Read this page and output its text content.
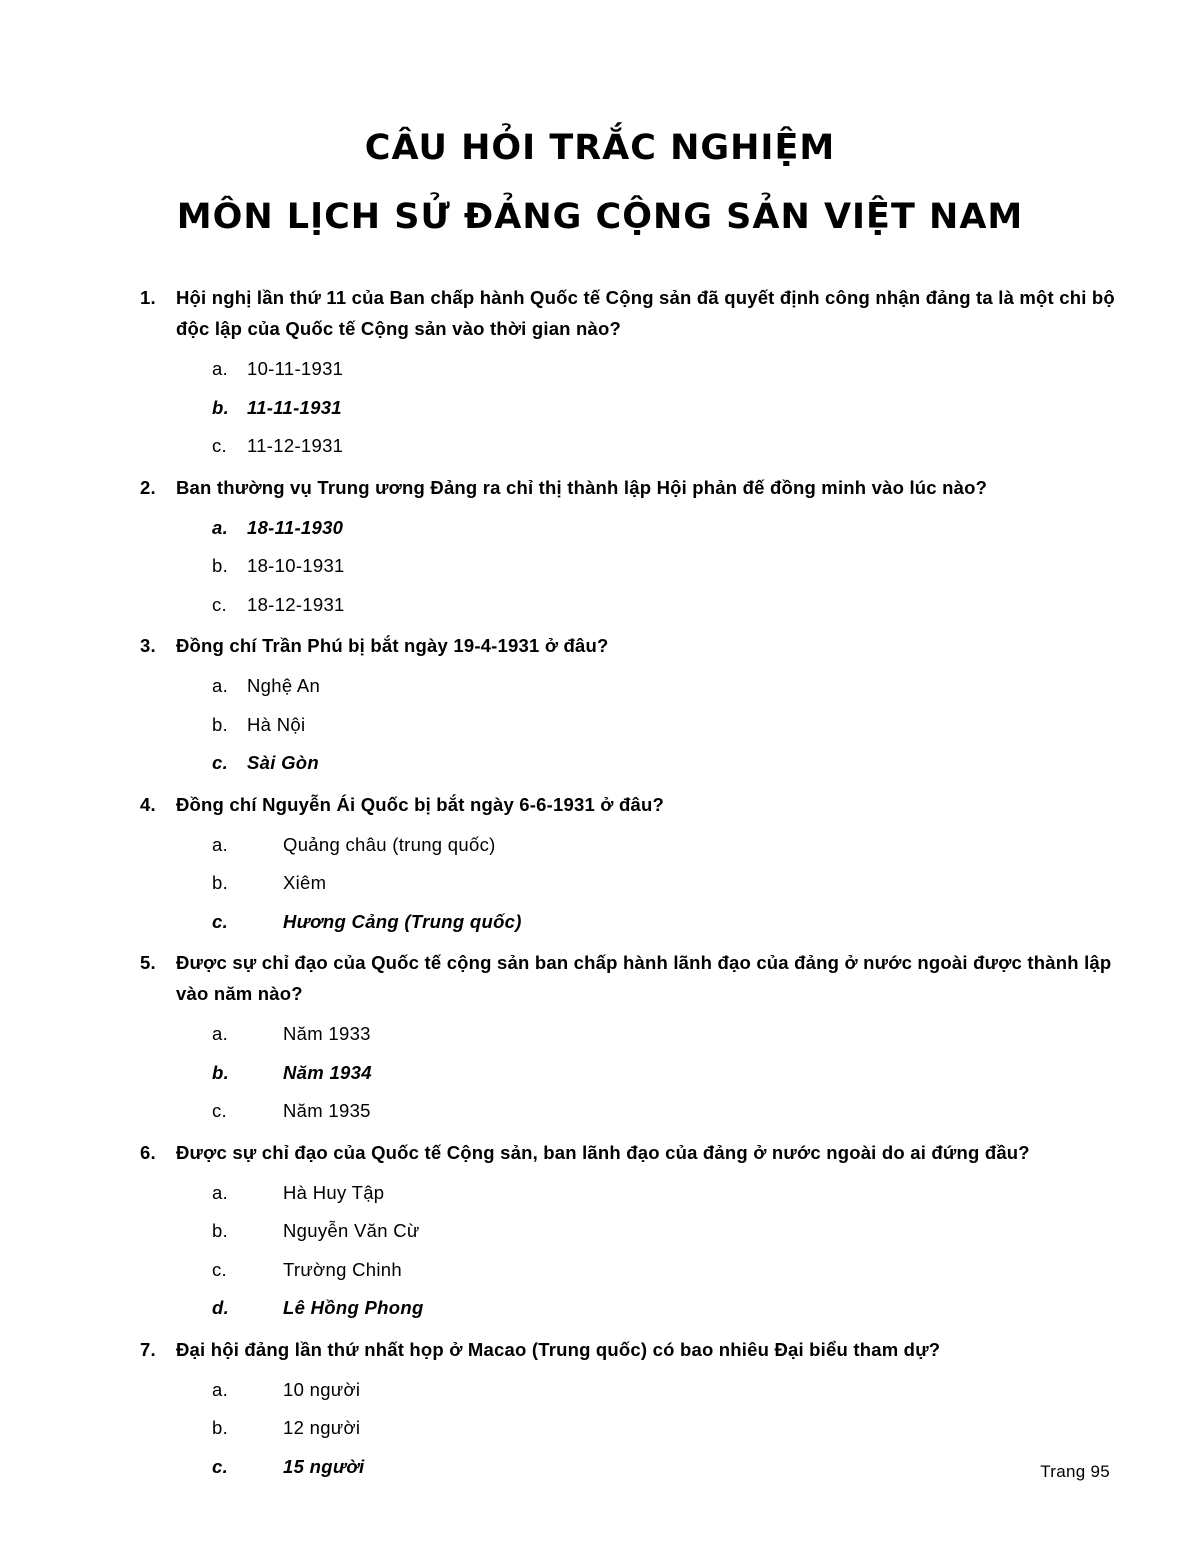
CÂU HỎI TRẮC NGHIỆM
MÔN LỊCH SỬ ĐẢNG CỘNG SẢN VIỆT NAM
1.	Hội nghị lần thứ 11 của Ban chấp hành Quốc tế Cộng sản đã quyết định công nhận đảng ta là một chi bộ độc lập của Quốc tế Cộng sản vào thời gian nào?
a.	10-11-1931
b. 11-11-1931
c.	11-12-1931
2.	Ban thường vụ Trung ương Đảng ra chỉ thị thành lập Hội phản đế đồng minh vào lúc nào?
a.	18-11-1930
b.	18-10-1931
c.	18-12-1931
3.	Đồng chí Trần Phú bị bắt ngày 19-4-1931 ở đâu?
a.	Nghệ An
b.	Hà Nội
c.	Sài Gòn
4.	Đồng chí Nguyễn Ái Quốc bị bắt ngày 6-6-1931 ở đâu?
a.	Quảng châu (trung quốc)
b.	Xiêm
c.	Hương Cảng (Trung quốc)
5.	Được sự chỉ đạo của Quốc tế cộng sản ban chấp hành lãnh đạo của đảng ở nước ngoài được thành lập vào năm nào?
a.	Năm 1933
b.	Năm 1934
c.	Năm 1935
6.	Được sự chỉ đạo của Quốc tế Cộng sản, ban lãnh đạo của đảng ở nước ngoài do ai đứng đầu?
a.	Hà Huy Tập
b.	Nguyễn Văn Cừ
c.	Trường Chinh
d.	Lê Hồng Phong
7.	Đại hội đảng lần thứ nhất họp ở Macao (Trung quốc) có bao nhiêu Đại biểu tham dự?
a.	10 người
b.	12 người
c.	15 người	Trang 95
